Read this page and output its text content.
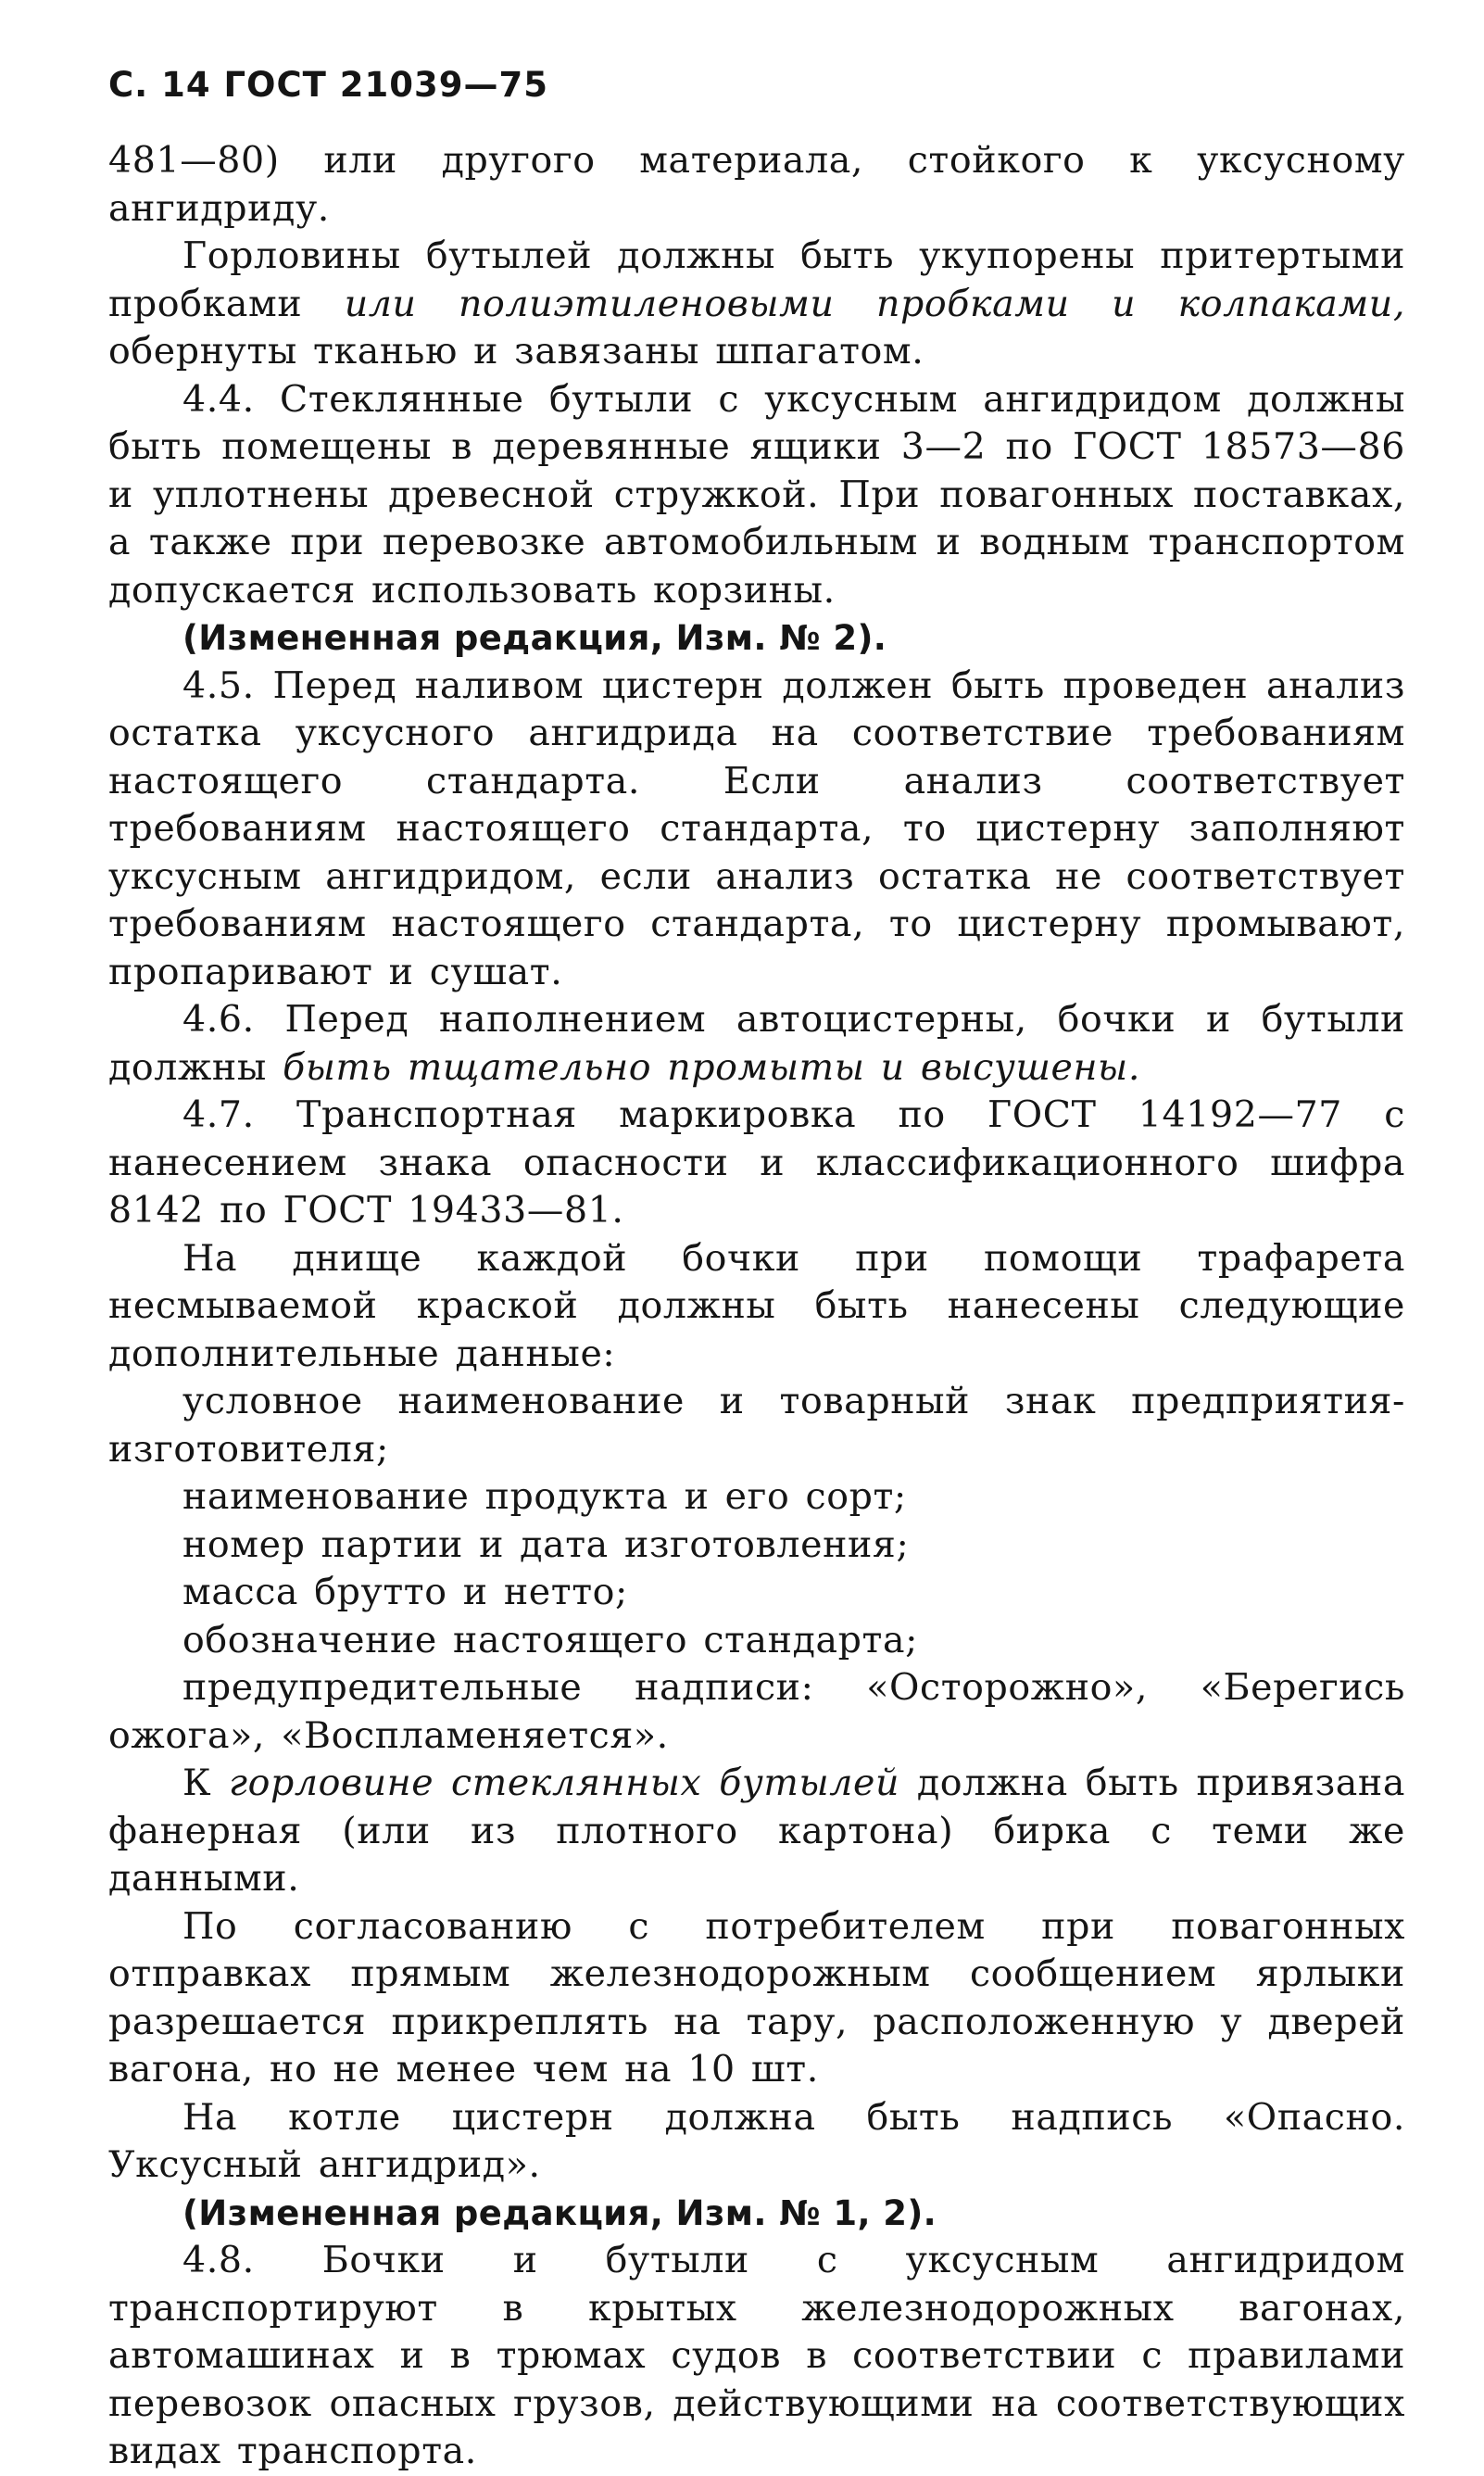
С. 14 ГОСТ 21039—75

481—80) или другого материала, стойкого к уксусному ангидриду.

Горловины бутылей должны быть укупорены притертыми пробками или полиэтиленовыми пробками и колпаками, обернуты тканью и завязаны шпагатом.

4.4. Стеклянные бутыли с уксусным ангидридом должны быть помещены в деревянные ящики 3—2 по ГОСТ 18573—86 и уплотнены древесной стружкой. При повагонных поставках, а также при перевозке автомобильным и водным транспортом допускается использовать корзины.

(Измененная редакция, Изм. № 2).

4.5. Перед наливом цистерн должен быть проведен анализ остатка уксусного ангидрида на соответствие требованиям настоящего стандарта. Если анализ соответствует требованиям настоящего стандарта, то цистерну заполняют уксусным ангидридом, если анализ остатка не соответствует требованиям настоящего стандарта, то цистерну промывают, пропаривают и сушат.

4.6. Перед наполнением автоцистерны, бочки и бутыли должны быть тщательно промыты и высушены.

4.7. Транспортная маркировка по ГОСТ 14192—77 с нанесением знака опасности и классификационного шифра 8142 по ГОСТ 19433—81.

На днище каждой бочки при помощи трафарета несмываемой краской должны быть нанесены следующие дополнительные данные:

условное наименование и товарный знак предприятия-изготовителя;

наименование продукта и его сорт;

номер партии и дата изготовления;

масса брутто и нетто;

обозначение настоящего стандарта;

предупредительные надписи: «Осторожно», «Берегись ожога», «Воспламеняется».

К горловине стеклянных бутылей должна быть привязана фанерная (или из плотного картона) бирка с теми же данными.

По согласованию с потребителем при повагонных отправках прямым железнодорожным сообщением ярлыки разрешается прикреплять на тару, расположенную у дверей вагона, но не менее чем на 10 шт.

На котле цистерн должна быть надпись «Опасно. Уксусный ангидрид».

(Измененная редакция, Изм. № 1, 2).

4.8. Бочки и бутыли с уксусным ангидридом транспортируют в крытых железнодорожных вагонах, автомашинах и в трюмах судов в соответствии с правилами перевозок опасных грузов, действующими на соответствующих видах транспорта.
